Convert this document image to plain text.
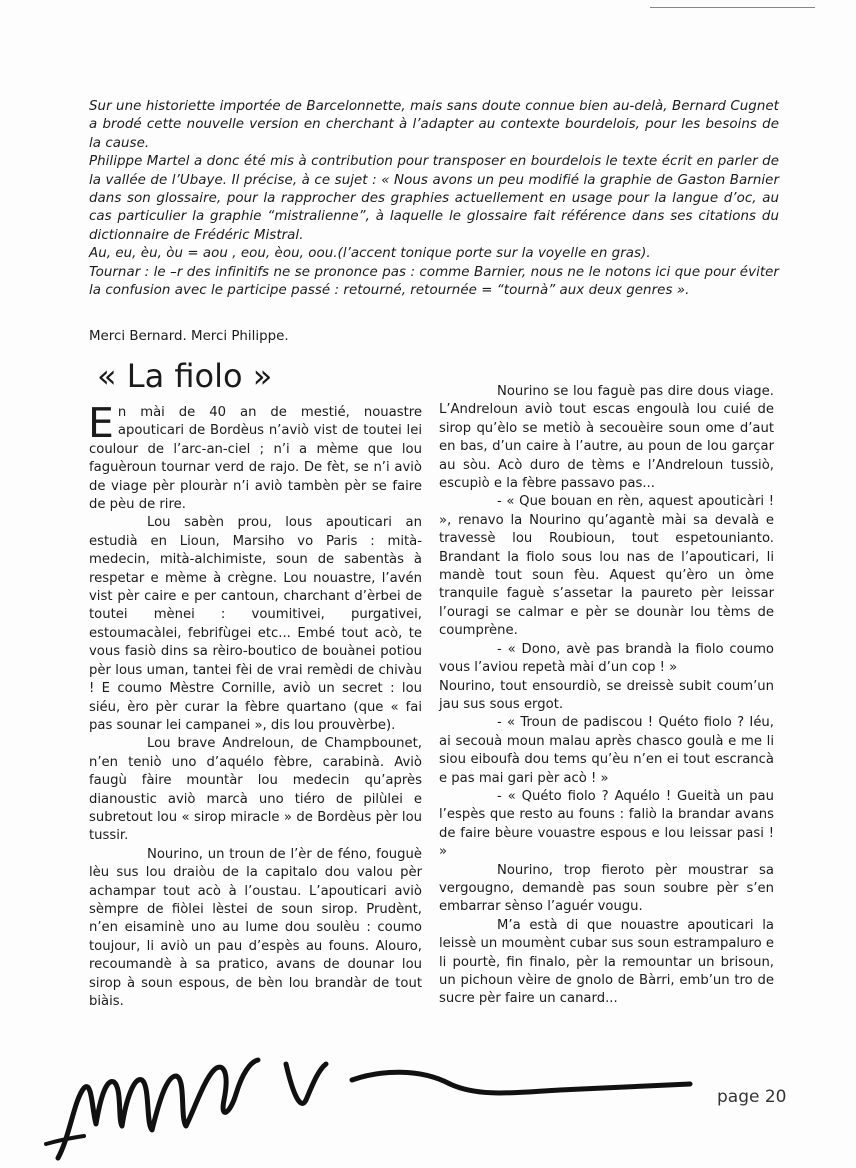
Sur une historiette importée de Barcelonnette, mais sans doute connue bien au-delà, Bernard Cugnet a brodé cette nouvelle version en cherchant à l’adapter au contexte bourdelois, pour les besoins de la cause.

Philippe Martel a donc été mis à contribution pour transposer en bourdelois le texte écrit en parler de la vallée de l’Ubaye. Il précise, à ce sujet : « Nous avons un peu modifié la graphie de Gaston Barnier dans son glossaire, pour la rapprocher des graphies actuellement en usage pour la langue d’oc, au cas particulier la graphie “mistralienne”, à laquelle le glossaire fait référence dans ses citations du dictionnaire de Frédéric Mistral.

Au, eu, èu, òu = aou , eou, èou, oou.(l’accent tonique porte sur la voyelle en gras).

Tournar : le –r des infinitifs ne se prononce pas : comme Barnier, nous ne le notons ici que pour éviter la confusion avec le participe passé : retourné, retournée = “tournà” aux deux genres ».

Merci Bernard. Merci Philippe.

« La fiolo »

En mài de 40 an de mestié, nouastre apouticari de Bordèus n’aviò vist de toutei lei coulour de l’arc-an-ciel ; n’i a mème que lou faguèroun tournar verd de rajo. De fèt, se n’i aviò de viage pèr plouràr n’i aviò tambèn pèr se faire de pèu de rire.

Lou sabèn prou, lous apouticari an estudià en Lioun, Marsiho vo Paris : mità-medecin, mità-alchimiste, soun de sabentàs à respetar e mème à crègne. Lou nouastre, l’avén vist pèr caire e per cantoun, charchant d’èrbei de toutei mènei : voumitivei, purgativei, estoumacàlei, febrifùgei etc... Embé tout acò, te vous fasiò dins sa rèiro-boutico de bouànei potiou pèr lous uman, tantei fèi de vrai remèdi de chivàu ! E coumo Mèstre Cornille, aviò un secret : lou siéu, èro pèr curar la fèbre quartano (que « fai pas sounar lei campanei », dis lou prouvèrbe).

Lou brave Andreloun, de Champbounet, n’en teniò uno d’aquélo fèbre, carabinà. Aviò faugù fàire mountàr lou medecin qu’après dianoustic aviò marcà uno tiéro de pilùlei e subretout lou « sirop miracle » de Bordèus pèr lou tussir.

Nourino, un troun de l’èr de féno, fouguè lèu sus lou draiòu de la capitalo dou valou pèr achampar tout acò à l’oustau. L’apouticari aviò sèmpre de fiòlei lèstei de soun sirop. Prudènt, n’en eisaminè uno au lume dou soulèu : coumo toujour, li aviò un pau d’espès au founs. Alouro, recoumandè à sa pratico, avans de dounar lou sirop à soun espous, de bèn lou brandàr de tout biàis.

Nourino se lou faguè pas dire dous viage. L’Andreloun aviò tout escas engoulà lou cuié de sirop qu’èlo se metiò à secouèire soun ome d’aut en bas, d’un caire à l’autre, au poun de lou garçar au sòu. Acò duro de tèms e l’Andreloun tussiò, escupiò e la fèbre passavo pas...

- « Que bouan en rèn, aquest apouticàri ! », renavo la Nourino qu’agantè mài sa devalà e travessè lou Roubioun, tout espetounianto. Brandant la fiolo sous lou nas de l’apouticari, li mandè tout soun fèu. Aquest qu’èro un òme tranquile faguè s’assetar la paureto pèr leissar l’ouragi se calmar e pèr se dounàr lou tèms de coumprène.

- « Dono, avè pas brandà la fiolo coumo vous l’aviou repetà mài d’un cop ! »

Nourino, tout ensourdiò, se dreissè subit coum’un jau sus sous ergot.

- « Troun de padiscou ! Quéto fiolo ? Iéu, ai secouà moun malau après chasco goulà e me li siou eiboufà dou tems qu’èu n’en ei tout escrancà e pas mai gari pèr acò ! »

- « Quéto fiolo ? Aquélo ! Gueità un pau l’espès que resto au founs : faliò la brandar avans de faire bèure vouastre espous e lou leissar pasi ! »

Nourino, trop fieroto pèr moustrar sa vergougno, demandè pas soun soubre pèr s’en embarrar sènso l’aguér vougu.

M’a està di que nouastre apouticari la leissè un moumènt cubar sus soun estrampaluro e li pourtè, fin finalo, pèr la remountar un brisoun, un pichoun vèire de gnolo de Bàrri, emb’un tro de sucre pèr faire un canard...

page 20
